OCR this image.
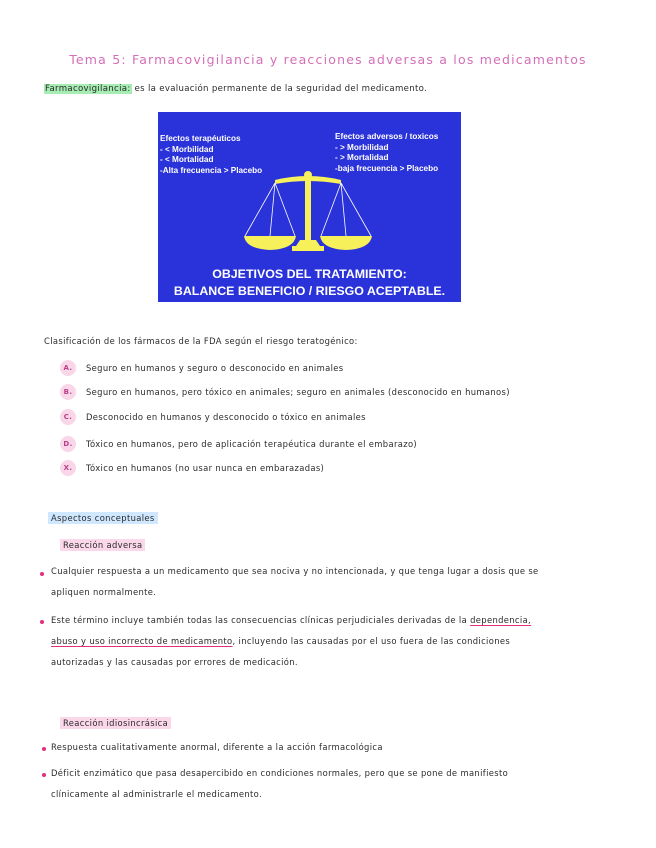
Tema 5: Farmacovigilancia y reacciones adversas a los medicamentos
Farmacovigilancia: es la evaluación permanente de la seguridad del medicamento.
Efectos terapéuticos
- < Morbilidad
- < Mortalidad
-Alta frecuencia > Placebo
Efectos adversos / toxicos
- > Morbilidad
- > Mortalidad
-baja frecuencia > Placebo
OBJETIVOS DEL TRATAMIENTO:
BALANCE BENEFICIO / RIESGO ACEPTABLE.
Clasificación de los fármacos de la FDA según el riesgo teratogénico:
A.	Seguro en humanos y seguro o desconocido en animales
B.	Seguro en humanos, pero tóxico en animales; seguro en animales (desconocido en humanos)
C.	Desconocido en humanos y desconocido o tóxico en animales
D.	Tóxico en humanos, pero de aplicación terapéutica durante el embarazo)
X.	Tóxico en humanos (no usar nunca en embarazadas)
Aspectos conceptuales
Reacción adversa
Cualquier respuesta a un medicamento que sea nociva y no intencionada, y que tenga lugar a dosis que se
apliquen normalmente.
Este término incluye también todas las consecuencias clínicas perjudiciales derivadas de la dependencia,
abuso y uso incorrecto de medicamento, incluyendo las causadas por el uso fuera de las condiciones
autorizadas y las causadas por errores de medicación.
Reacción idiosincrásica
Respuesta cualitativamente anormal, diferente a la acción farmacológica
Déficit enzimático que pasa desapercibido en condiciones normales, pero que se pone de manifiesto
clínicamente al administrarle el medicamento.
